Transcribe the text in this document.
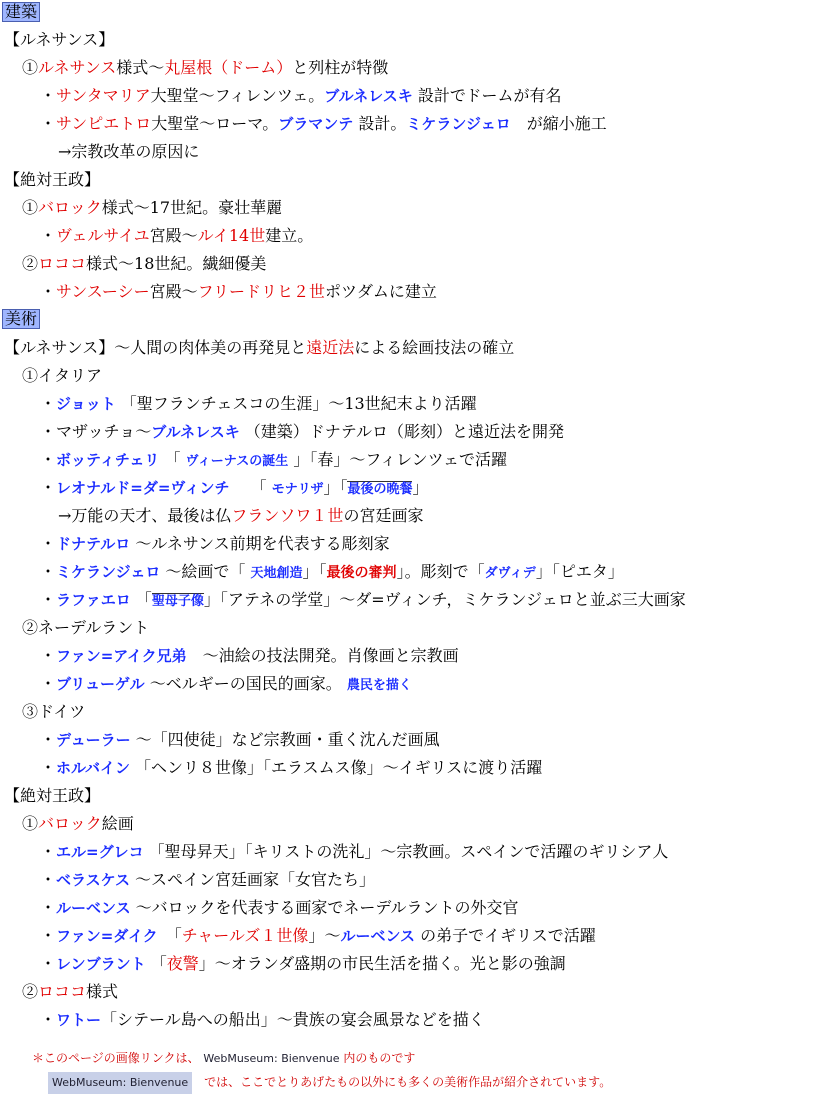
建築
【ルネサンス】
①ルネサンス様式～丸屋根（ドーム）と列柱が特徴
・サンタマリア大聖堂～フィレンツェ。ブルネレスキ 設計でドームが有名
・サンピエトロ大聖堂～ローマ。ブラマンテ 設計。ミケランジェロ　が縮小施工
→宗教改革の原因に
【絶対王政】
①バロック様式～17世紀。豪壮華麗
・ヴェルサイユ宮殿～ルイ14世建立。
②ロココ様式～18世紀。繊細優美
・サンスーシー宮殿～フリードリヒ２世ポツダムに建立
美術
【ルネサンス】～人間の肉体美の再発見と遠近法による絵画技法の確立
①イタリア
・ジョット 「聖フランチェスコの生涯」～13世紀末より活躍
・マザッチョ～ブルネレスキ （建築）ドナテルロ（彫刻）と遠近法を開発
・ボッティチェリ 「 ヴィーナスの誕生 」「春」～フィレンツェで活躍
・レオナルド=ダ=ヴィンチ　 「 モナリザ」「最後の晩餐」
→万能の天才、最後は仏フランソワ１世の宮廷画家
・ドナテルロ ～ルネサンス前期を代表する彫刻家
・ミケランジェロ ～絵画で「 天地創造」「最後の審判」。彫刻で「ダヴィデ」「ピエタ」
・ラファエロ 「聖母子像」「アテネの学堂」～ダ=ヴィンチ，ミケランジェロと並ぶ三大画家
②ネーデルラント
・ファン=アイク兄弟　～油絵の技法開発。肖像画と宗教画
・ブリューゲル ～ベルギーの国民的画家。 農民を描く
③ドイツ
・デューラー ～「四使徒」など宗教画・重く沈んだ画風
・ホルバイン 「ヘンリ８世像」「エラスムス像」～イギリスに渡り活躍
【絶対王政】
①バロック絵画
・エル=グレコ 「聖母昇天」「キリストの洗礼」～宗教画。スペインで活躍のギリシア人
・ベラスケス ～スペイン宮廷画家「女官たち」
・ルーベンス ～バロックを代表する画家でネーデルラントの外交官
・ファン=ダイク　「チャールズ１世像」～ルーベンス の弟子でイギリスで活躍
・レンブラント 「夜警」～オランダ盛期の市民生活を描く。光と影の強調
②ロココ様式
・ワトー「シテール島への船出」～貴族の宴会風景などを描く
＊このページの画像リンクは、 WebMuseum: Bienvenue 内のものです
WebMuseum: Bienvenue　では、ここでとりあげたもの以外にも多くの美術作品が紹介されています。
